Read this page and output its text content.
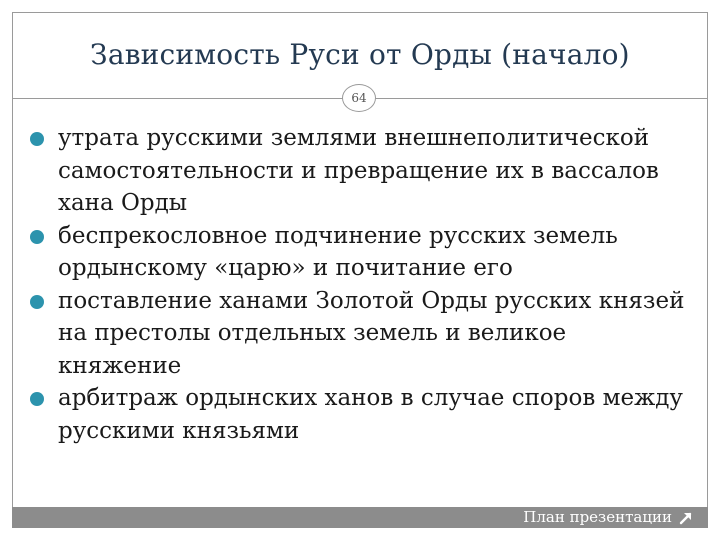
Зависимость Руси от Орды (начало)
64
утрата русскими землями внешнеполитической самостоятельности и превращение их в вассалов хана Орды
беспрекословное подчинение русских земель ордынскому «царю» и почитание его
поставление ханами Золотой Орды русских князей на престолы отдельных земель и великое княжение
арбитраж ордынских ханов в случае споров между русскими князьями
План презентации
